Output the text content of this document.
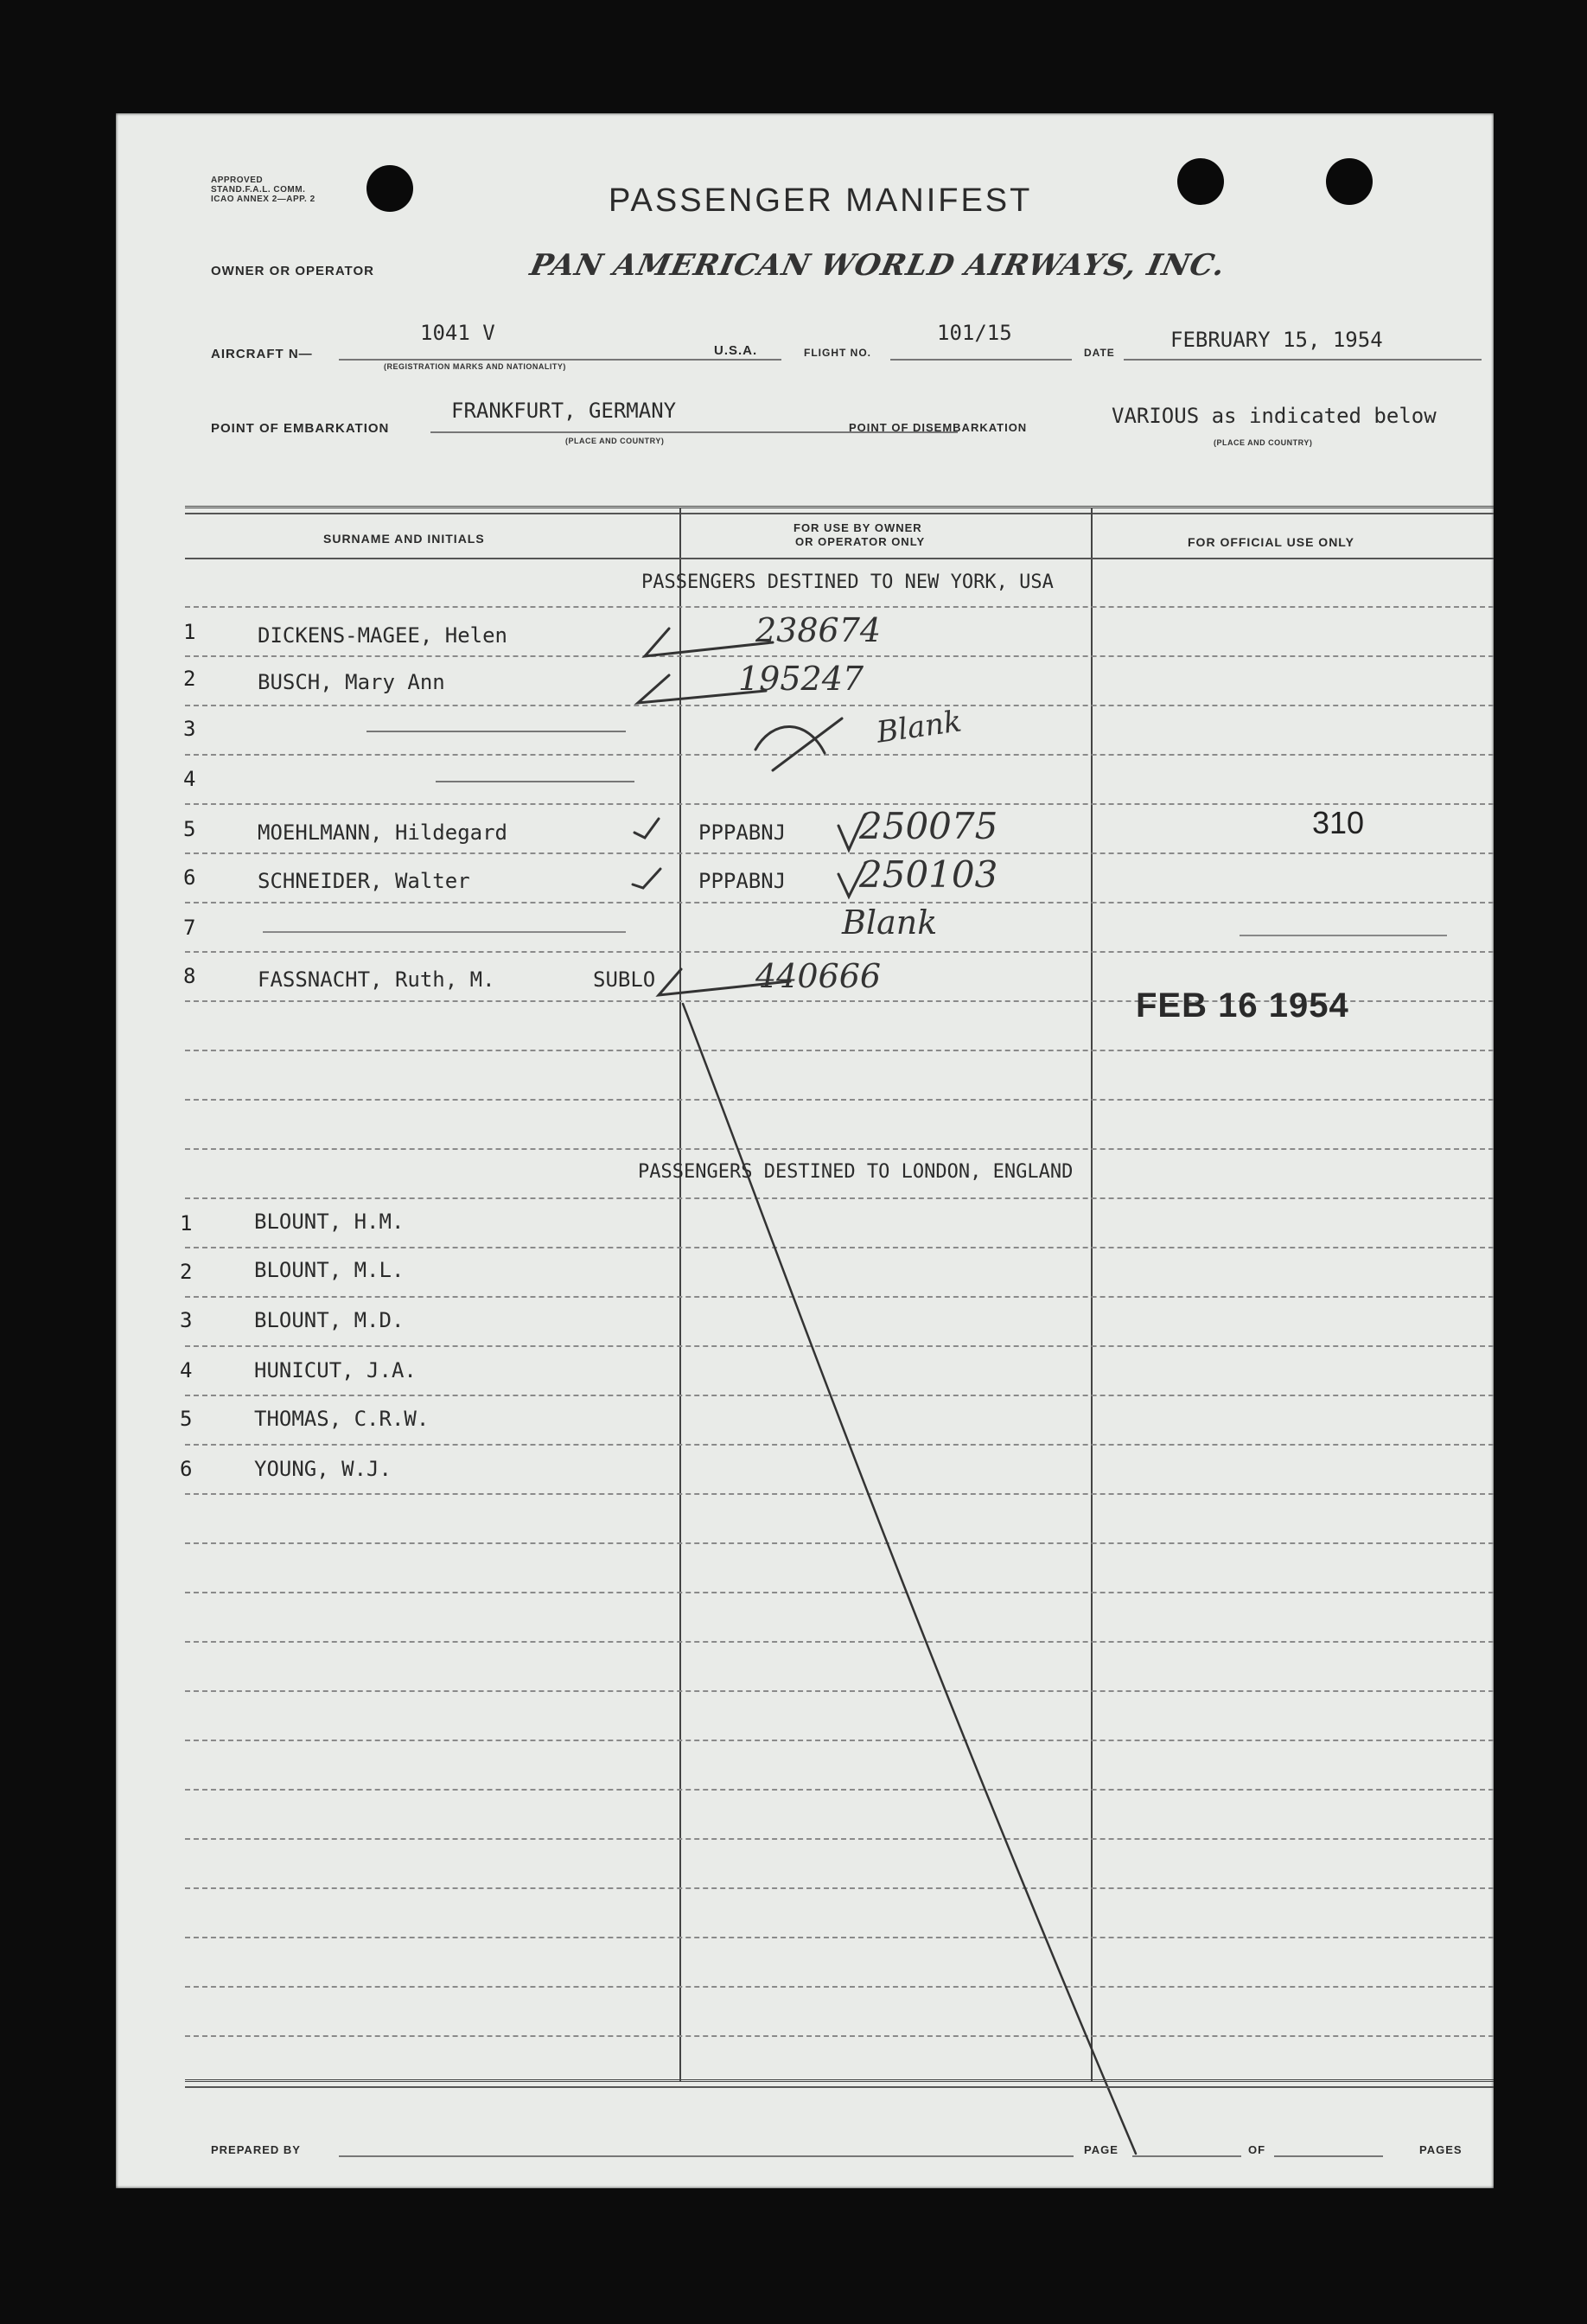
APPROVED
STAND.F.A.L. COMM.
ICAO ANNEX 2—APP. 2	PASSENGER MANIFEST
OWNER OR OPERATOR	PAN AMERICAN WORLD AIRWAYS, INC.
AIRCRAFT N—
1041 V
(REGISTRATION MARKS AND NATIONALITY)
U.S.A.	FLIGHT NO.
101/15
DATE
FEBRUARY 15, 1954
POINT OF EMBARKATION
FRANKFURT, GERMANY
(PLACE AND COUNTRY)
POINT OF DISEMBARKATION	VARIOUS as indicated below
(PLACE AND COUNTRY)
SURNAME AND INITIALS
FOR USE BY OWNER
OR OPERATOR ONLY	FOR OFFICIAL USE ONLY
PASSENGERS DESTINED TO NEW YORK, USA
1	DICKENS-MAGEE, Helen	238674
2	BUSCH, Mary Ann	195247
3	Blank
4
5	MOEHLMANN, Hildegard	PPPABNJ 250075	310
6	SCHNEIDER, Walter	PPPABNJ 250103
7	Blank
8	FASSNACHT, Ruth, M.	SUBLO	440666
FEB 16 1954
PASSENGERS DESTINED TO LONDON, ENGLAND
1	BLOUNT, H.M.
2	BLOUNT, M.L.
3	BLOUNT, M.D.
4	HUNICUT, J.A.
5	THOMAS, C.R.W.
6	YOUNG, W.J.
PREPARED BY	PAGE	OF	PAGES
